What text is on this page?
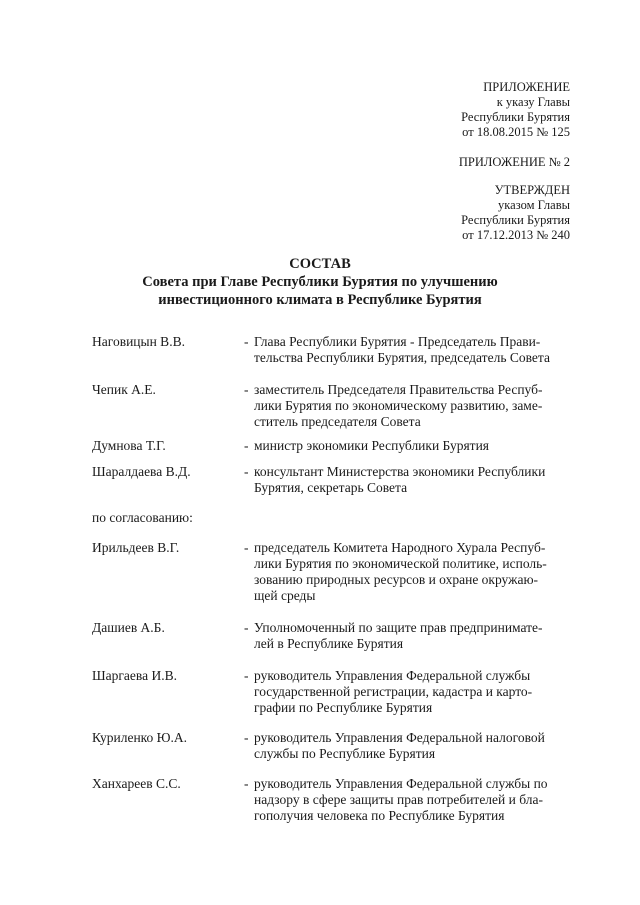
ПРИЛОЖЕНИЕ
к указу Главы
Республики Бурятия
от 18.08.2015 № 125
ПРИЛОЖЕНИЕ № 2
УТВЕРЖДЕН
указом Главы
Республики Бурятия
от 17.12.2013 № 240
СОСТАВ
Совета при Главе Республики Бурятия по улучшению
инвестиционного климата в Республике Бурятия
Наговицын В.В.	- Глава Республики Бурятия - Председатель Прави-
тельства Республики Бурятия, председатель Совета
Чепик А.Е.	- заместитель Председателя Правительства Респуб-
лики Бурятия по экономическому развитию, заме-
ститель председателя Совета
Думнова Т.Г.	- министр экономики Республики Бурятия
Шаралдаева В.Д.	- консультант Министерства экономики Республики
Бурятия, секретарь Совета
по согласованию:
Ирильдеев В.Г.	- председатель Комитета Народного Хурала Респуб-
лики Бурятия по экономической политике, исполь-
зованию природных ресурсов и охране окружаю-
щей среды
Дашиев А.Б.	- Уполномоченный по защите прав предпринимате-
лей в Республике Бурятия
Шаргаева И.В.	- руководитель Управления Федеральной службы
государственной регистрации, кадастра и карто-
графии по Республике Бурятия
Куриленко Ю.А.	- руководитель Управления Федеральной налоговой
службы по Республике Бурятия
Ханхареев С.С.	- руководитель Управления Федеральной службы по
надзору в сфере защиты прав потребителей и бла-
гополучия человека по Республике Бурятия
